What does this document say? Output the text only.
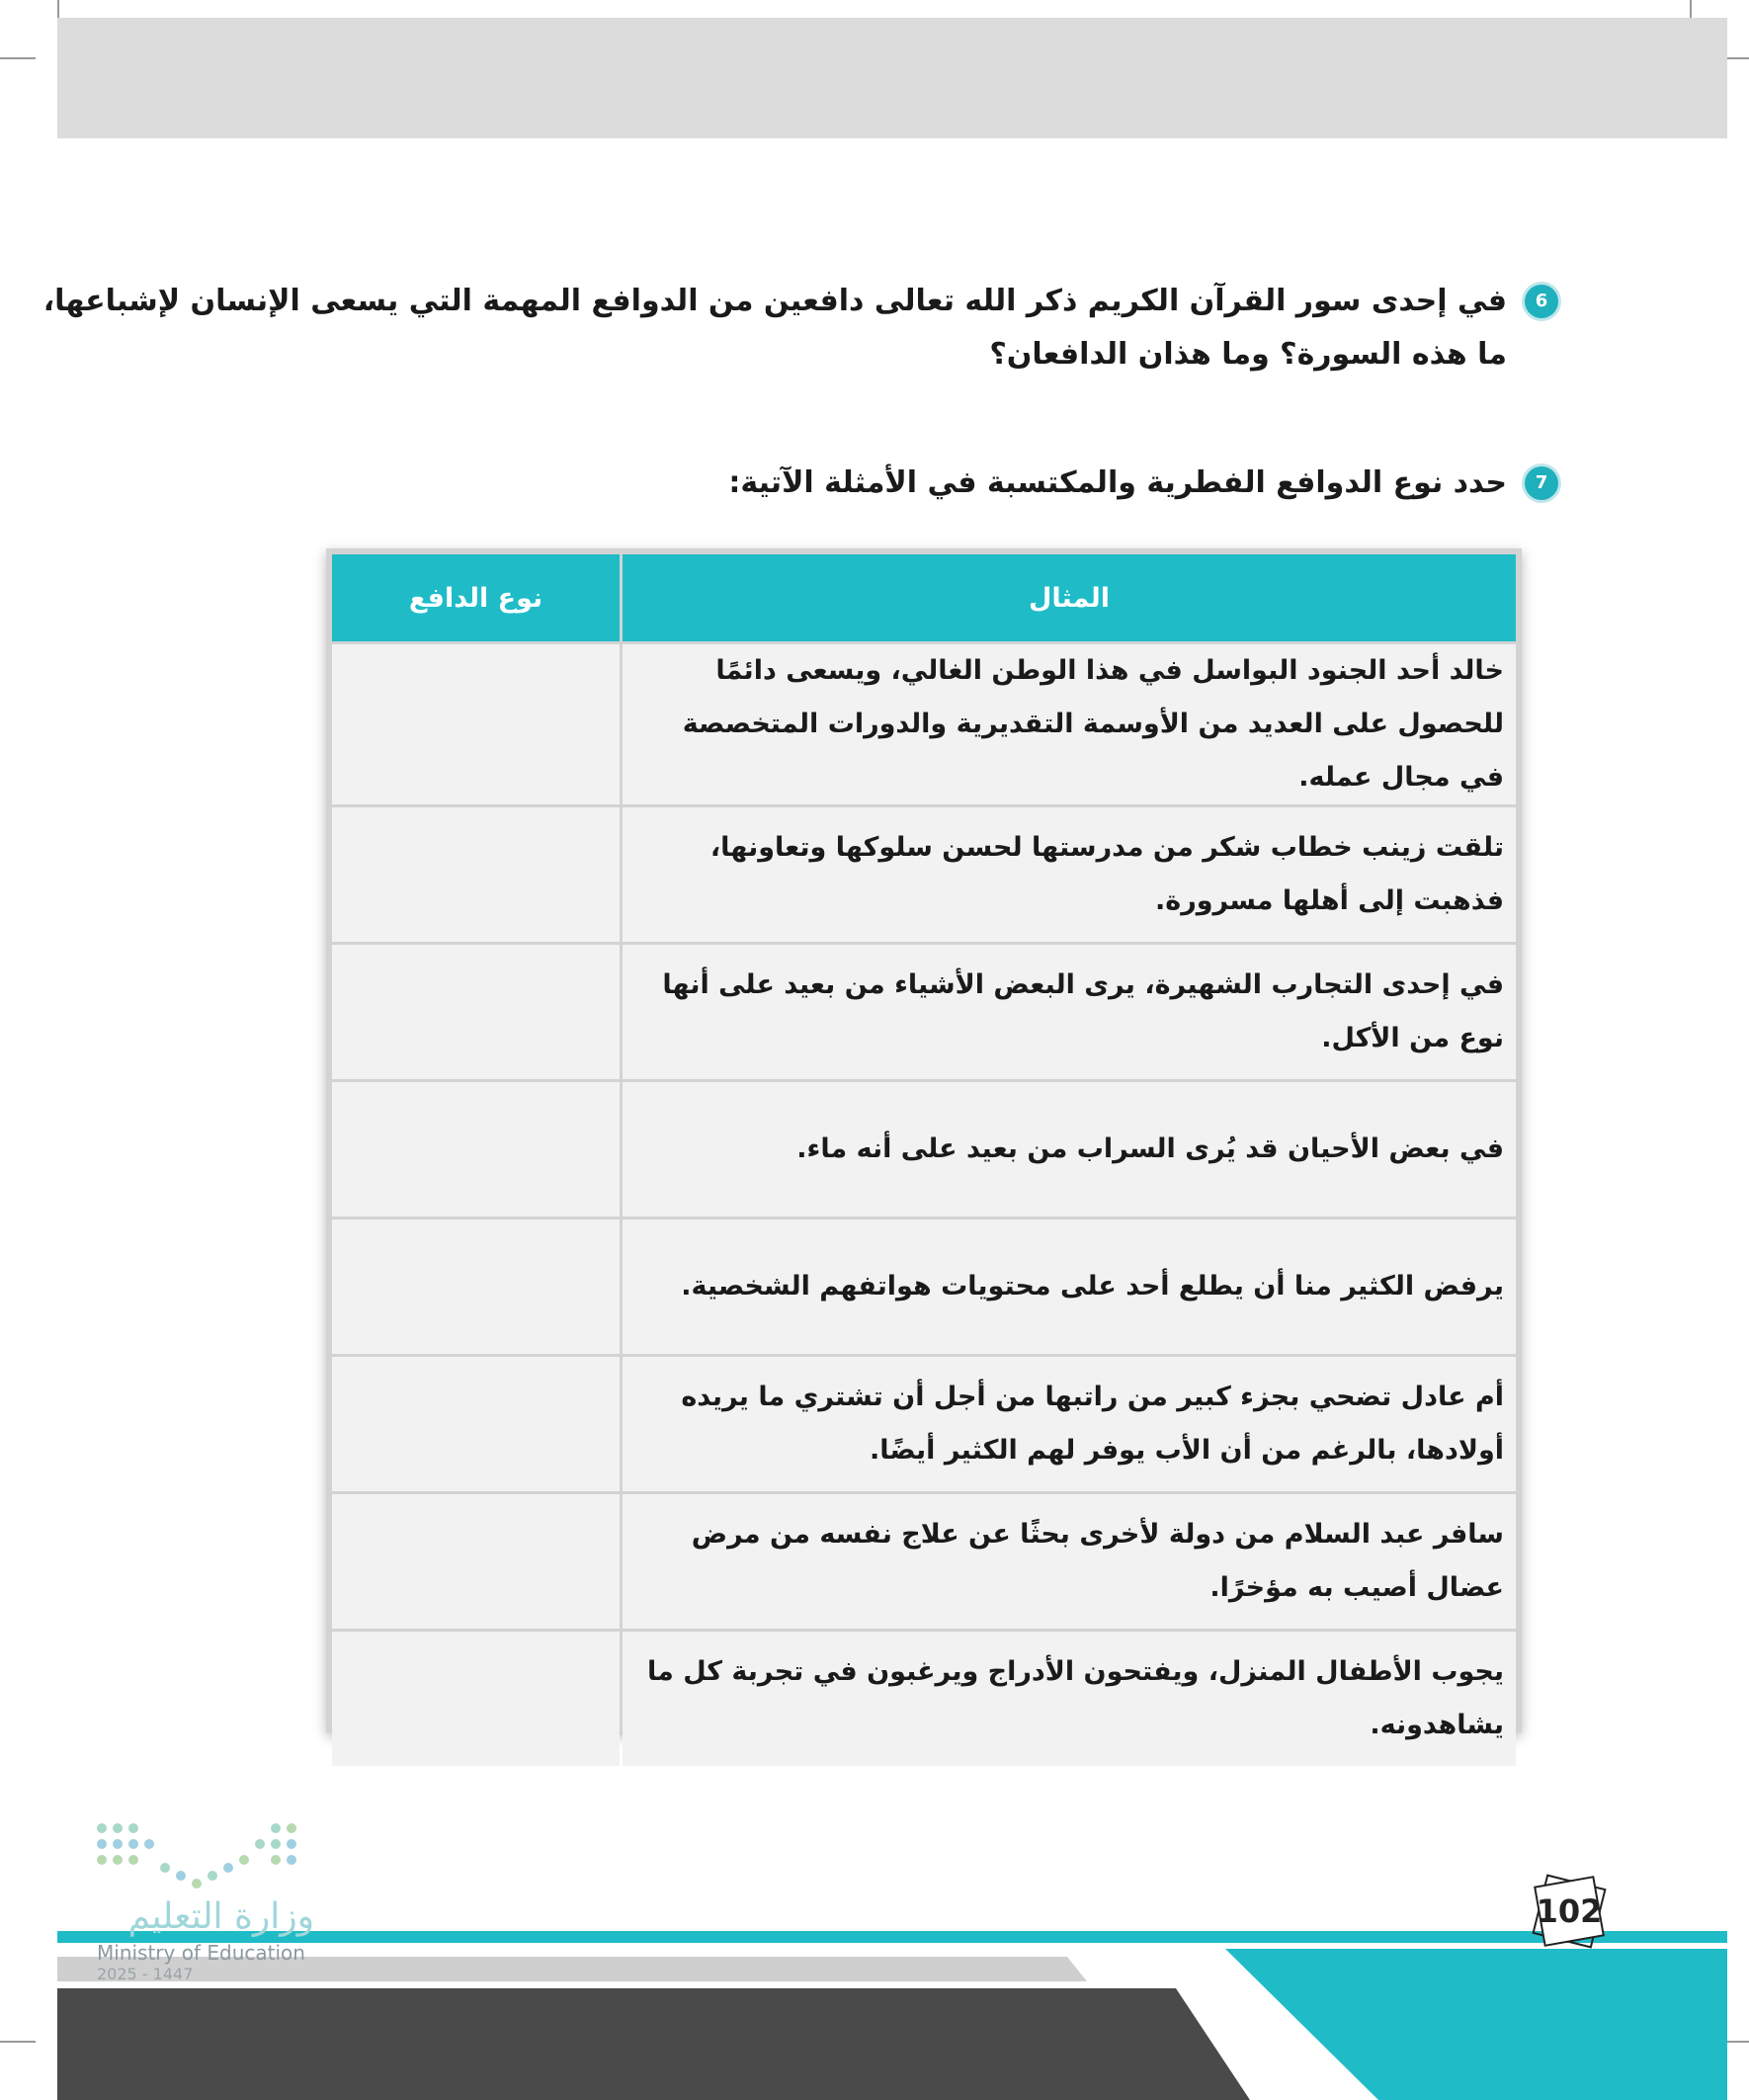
6
في إحدى سور القرآن الكريم ذكر الله تعالى دافعين من الدوافع المهمة التي يسعى الإنسان لإشباعها،
ما هذه السورة؟ وما هذان الدافعان؟
7
حدد نوع الدوافع الفطرية والمكتسبة في الأمثلة الآتية:
المثال	نوع الدافع
خالد أحد الجنود البواسل في هذا الوطن الغالي، ويسعى دائمًا للحصول على العديد من الأوسمة التقديرية والدورات المتخصصة في مجال عمله.	
تلقت زينب خطاب شكر من مدرستها لحسن سلوكها وتعاونها، فذهبت إلى أهلها مسرورة.	
في إحدى التجارب الشهيرة، يرى البعض الأشياء من بعيد على أنها نوع من الأكل.	
في بعض الأحيان قد يُرى السراب من بعيد على أنه ماء.	
يرفض الكثير منا أن يطلع أحد على محتويات هواتفهم الشخصية.	
أم عادل تضحي بجزء كبير من راتبها من أجل أن تشتري ما يريده أولادها، بالرغم من أن الأب يوفر لهم الكثير أيضًا.	
سافر عبد السلام من دولة لأخرى بحثًا عن علاج نفسه من مرض عضال أصيب به مؤخرًا.	
يجوب الأطفال المنزل، ويفتحون الأدراج ويرغبون في تجربة كل ما يشاهدونه.	
وزارة التعليم
Ministry of Education
2025 - 1447
102
